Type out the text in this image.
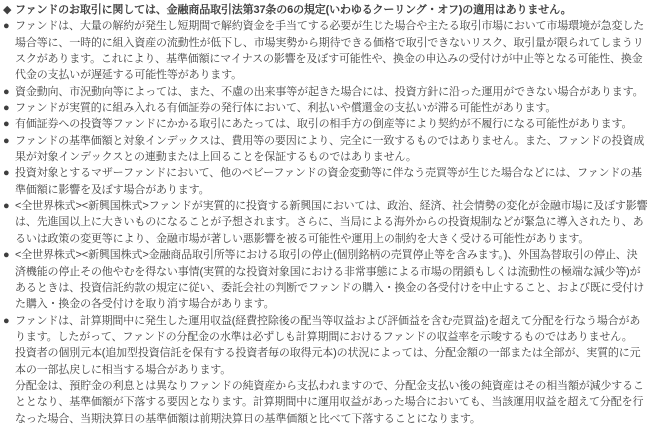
◆ ファンドのお取引に関しては、金融商品取引法第37条の6の規定(いわゆるクーリング・オフ)の適用はありません。
● ファンドは、大量の解約が発生し短期間で解約資金を手当てする必要が生じた場合や主たる取引市場において市場環境が急変した場合等に、一時的に組入資産の流動性が低下し、市場実勢から期待できる価格で取引できないリスク、取引量が限られてしまうリスクがあります。これにより、基準価額にマイナスの影響を及ぼす可能性や、換金の申込みの受付けが中止等となる可能性、換金代金の支払いが遅延する可能性等があります。
● 資金動向、市況動向等によっては、また、不慮の出来事等が起きた場合には、投資方針に沿った運用ができない場合があります。
● ファンドが実質的に組み入れる有価証券の発行体において、利払いや償還金の支払いが滞る可能性があります。
● 有価証券への投資等ファンドにかかる取引にあたっては、取引の相手方の倒産等により契約が不履行になる可能性があります。
● ファンドの基準価額と対象インデックスは、費用等の要因により、完全に一致するものではありません。また、ファンドの投資成果が対象インデックスとの連動または上回ることを保証するものではありません。
● 投資対象とするマザーファンドにおいて、他のベビーファンドの資金変動等に伴なう売買等が生じた場合などには、ファンドの基準価額に影響を及ぼす場合があります。
● <全世界株式><新興国株式>ファンドが実質的に投資する新興国においては、政治、経済、社会情勢の変化が金融市場に及ぼす影響は、先進国以上に大きいものになることが予想されます。さらに、当局による海外からの投資規制などが緊急に導入されたり、あるいは政策の変更等により、金融市場が著しい悪影響を被る可能性や運用上の制約を大きく受ける可能性があります。
● <全世界株式><新興国株式>金融商品取引所等における取引の停止(個別銘柄の売買停止等を含みます。)、外国為替取引の停止、決済機能の停止その他やむを得ない事情(実質的な投資対象国における非常事態による市場の閉鎖もしくは流動性の極端な減少等)があるときは、投資信託約款の規定に従い、委託会社の判断でファンドの購入・換金の各受付けを中止すること、および既に受付けた購入・換金の各受付けを取り消す場合があります。
● ファンドは、計算期間中に発生した運用収益(経費控除後の配当等収益および評価益を含む売買益)を超えて分配を行なう場合があります。したがって、ファンドの分配金の水準は必ずしも計算期間におけるファンドの収益率を示唆するものではありません。
投資者の個別元本(追加型投資信託を保有する投資者毎の取得元本)の状況によっては、分配金額の一部または全部が、実質的に元本の一部払戻しに相当する場合があります。
分配金は、預貯金の利息とは異なりファンドの純資産から支払われますので、分配金支払い後の純資産はその相当額が減少することとなり、基準価額が下落する要因となります。計算期間中に運用収益があった場合においても、当該運用収益を超えて分配を行なった場合、当期決算日の基準価額は前期決算日の基準価額と比べて下落することになります。
